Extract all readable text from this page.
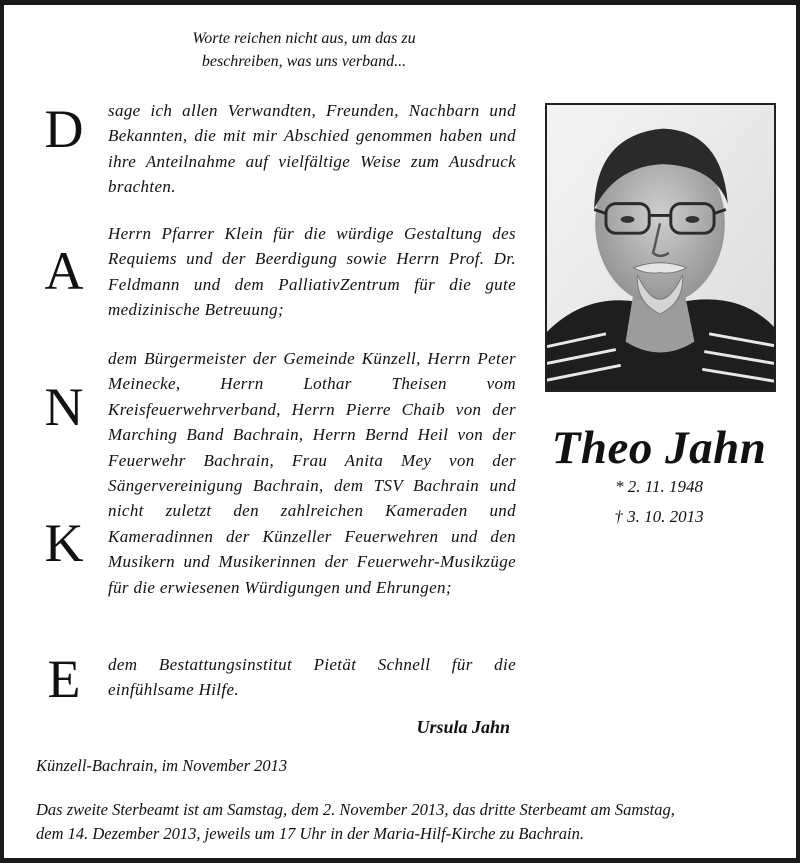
Worte reichen nicht aus, um das zu
beschreiben, was uns verband...
D
A
N
K
E
sage ich allen Verwandten, Freunden, Nachbarn und Bekannten, die mit mir Abschied genommen haben und ihre Anteilnahme auf vielfältige Weise zum Ausdruck brachten.
Herrn Pfarrer Klein für die würdige Gestaltung des Requiems und der Beerdigung sowie Herrn Prof. Dr. Feldmann und dem PalliativZentrum für die gute medizinische Betreuung;
dem Bürgermeister der Gemeinde Künzell, Herrn Peter Meinecke, Herrn Lothar Theisen vom Kreisfeuerwehrverband, Herrn Pierre Chaib von der Marching Band Bachrain, Herrn Bernd Heil von der Feuerwehr Bachrain, Frau Anita Mey von der Sängervereinigung Bachrain, dem TSV Bachrain und nicht zuletzt den zahlreichen Kameraden und Kameradinnen der Künzeller Feuerwehren und den Musikern und Musikerinnen der Feuerwehr-Musikzüge für die erwiesenen Würdigungen und Ehrungen;
dem Bestattungsinstitut Pietät Schnell für die einfühlsame Hilfe.
Theo Jahn
* 2. 11. 1948
† 3. 10. 2013
Ursula Jahn
Künzell-Bachrain, im November 2013
Das zweite Sterbeamt ist am Samstag, dem 2. November 2013, das dritte Sterbeamt am Samstag,
dem 14. Dezember 2013, jeweils um 17 Uhr in der Maria-Hilf-Kirche zu Bachrain.
